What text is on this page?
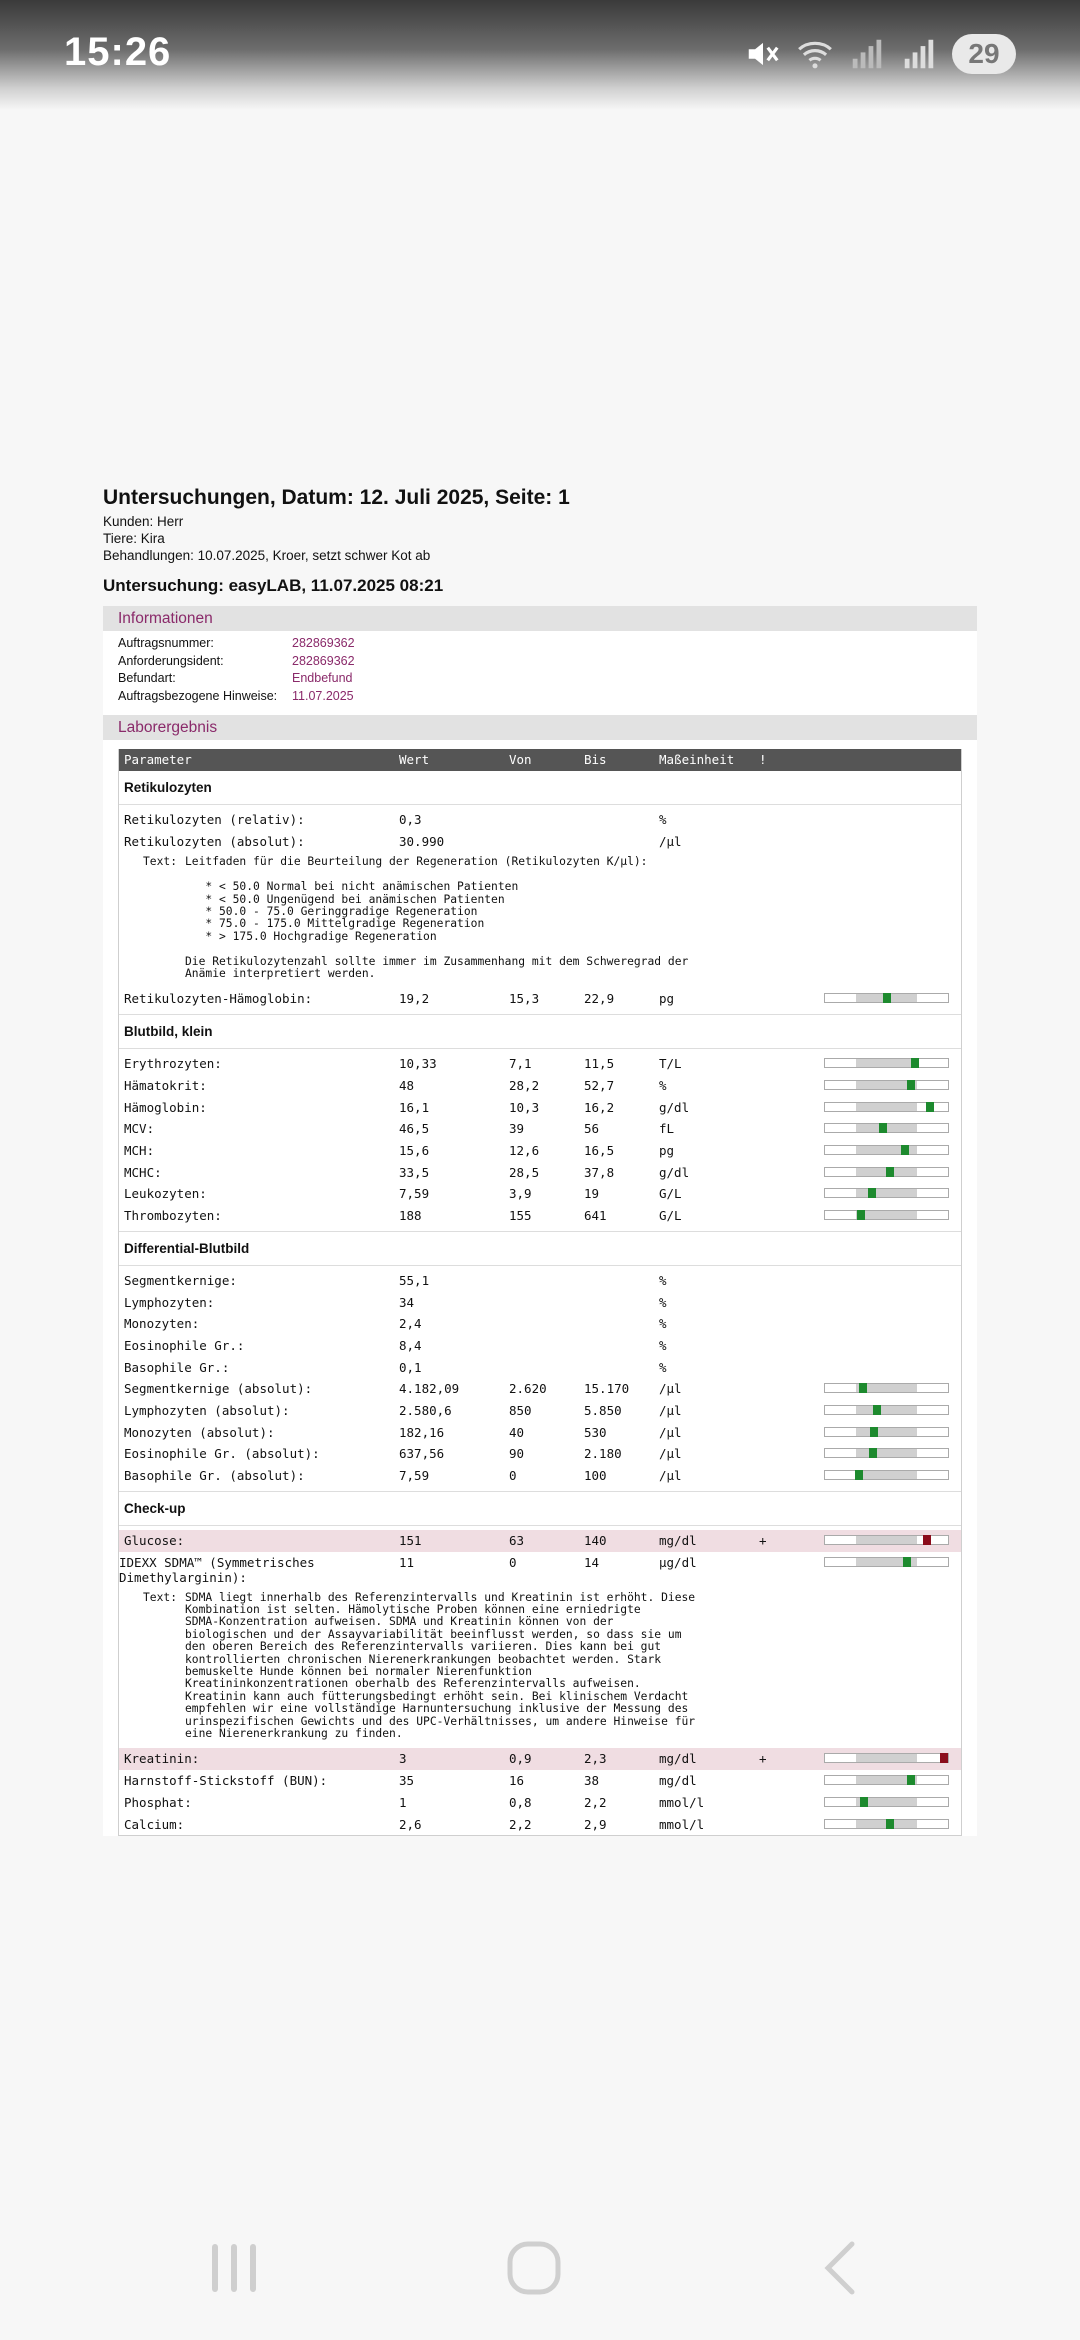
15:26	29
Untersuchungen, Datum: 12. Juli 2025, Seite: 1
Kunden: Herr
Tiere: Kira
Behandlungen: 10.07.2025, Kroer, setzt schwer Kot ab
Untersuchung: easyLAB, 11.07.2025 08:21
Informationen
Auftragsnummer:	282869362
Anforderungsident:	282869362
Befundart:	Endbefund
Auftragsbezogene Hinweise:	11.07.2025
Laborergebnis
Parameter	Wert	Von	Bis	Maßeinheit	!
Retikulozyten
Retikulozyten (relativ):	0,3	%
Retikulozyten (absolut):	30.990	/µl
Text: Leitfaden für die Beurteilung der Regeneration (Retikulozyten K/µl):

* < 50.0 Normal bei nicht anämischen Patienten
* < 50.0 Ungenügend bei anämischen Patienten
* 50.0 - 75.0 Geringgradige Regeneration
* 75.0 - 175.0 Mittelgradige Regeneration
* > 175.0 Hochgradige Regeneration

Die Retikulozytenzahl sollte immer im Zusammenhang mit dem Schweregrad der
Anämie interpretiert werden.
Retikulozyten-Hämoglobin:	19,2	15,3	22,9	pg
Blutbild, klein
Erythrozyten:	10,33	7,1	11,5	T/L
Hämatokrit:	48	28,2	52,7	%
Hämoglobin:	16,1	10,3	16,2	g/dl
MCV:	46,5	39	56	fL
MCH:	15,6	12,6	16,5	pg
MCHC:	33,5	28,5	37,8	g/dl
Leukozyten:	7,59	3,9	19	G/L
Thrombozyten:	188	155	641	G/L
Differential-Blutbild
Segmentkernige:	55,1	%
Lymphozyten:	34	%
Monozyten:	2,4	%
Eosinophile Gr.:	8,4	%
Basophile Gr.:	0,1	%
Segmentkernige (absolut):	4.182,09	2.620	15.170	/µl
Lymphozyten (absolut):	2.580,6	850	5.850	/µl
Monozyten (absolut):	182,16	40	530	/µl
Eosinophile Gr. (absolut):	637,56	90	2.180	/µl
Basophile Gr. (absolut):	7,59	0	100	/µl
Check-up
Glucose:	151	63	140	mg/dl	+
IDEXX SDMA™ (Symmetrisches
Dimethylarginin):
11	0	14	µg/dl
Text: SDMA liegt innerhalb des Referenzintervalls und Kreatinin ist erhöht. Diese
Kombination ist selten. Hämolytische Proben können eine erniedrigte
SDMA-Konzentration aufweisen. SDMA und Kreatinin können von der
biologischen und der Assayvariabilität beeinflusst werden, so dass sie um
den oberen Bereich des Referenzintervalls variieren. Dies kann bei gut
kontrollierten chronischen Nierenerkrankungen beobachtet werden. Stark
bemuskelte Hunde können bei normaler Nierenfunktion
Kreatininkonzentrationen oberhalb des Referenzintervalls aufweisen.
Kreatinin kann auch fütterungsbedingt erhöht sein. Bei klinischem Verdacht
empfehlen wir eine vollständige Harnuntersuchung inklusive der Messung des
urinspezifischen Gewichts und des UPC-Verhältnisses, um andere Hinweise für
eine Nierenerkrankung zu finden.
Kreatinin:	3	0,9	2,3	mg/dl	+
Harnstoff-Stickstoff (BUN):	35	16	38	mg/dl
Phosphat:	1	0,8	2,2	mmol/l
Calcium:	2,6	2,2	2,9	mmol/l
